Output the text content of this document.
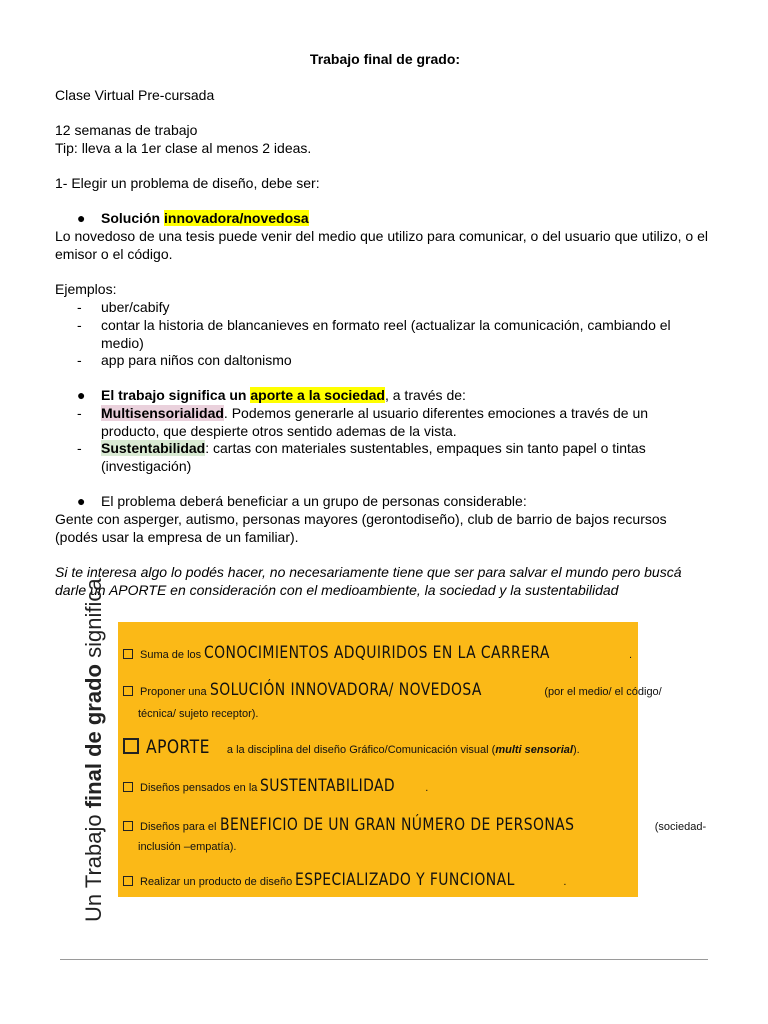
Trabajo final de grado:
Clase Virtual Pre-cursada
12 semanas de trabajo
Tip: lleva a la 1er clase al menos 2 ideas.
1- Elegir un problema de diseño, debe ser:
● Solución innovadora/novedosa
Lo novedoso de una tesis puede venir del medio que utilizo para comunicar, o del usuario que utilizo, o el emisor o el código.
Ejemplos:
- uber/cabify
- contar la historia de blancanieves en formato reel (actualizar la comunicación, cambiando el medio)
- app para niños con daltonismo
● El trabajo significa un aporte a la sociedad, a través de:
- Multisensorialidad. Podemos generarle al usuario diferentes emociones a través de un producto, que despierte otros sentido ademas de la vista.
- Sustentabilidad: cartas con materiales sustentables, empaques sin tanto papel o tintas (investigación)
● El problema deberá beneficiar a un grupo de personas considerable:
Gente con asperger, autismo, personas mayores (gerontodiseño), club de barrio de bajos recursos (podés usar la empresa de un familiar).
Si te interesa algo lo podés hacer, no necesariamente tiene que ser para salvar el mundo pero buscá darle un APORTE en consideración con el medioambiente, la sociedad y la sustentabilidad
Un Trabajo final de grado significa	Suma de los CONOCIMIENTOS ADQUIRIDOS EN LA CARRERA	.
Proponer una SOLUCIÓN INNOVADORA/ NOVEDOSA	(por el medio/ el código/
técnica/ sujeto receptor).
APORTE a la disciplina del diseño Gráfico/Comunicación visual (multi sensorial).
Diseños pensados en la SUSTENTABILIDAD	.
Diseños para el BENEFICIO DE UN GRAN NÚMERO DE PERSONAS	(sociedad-
inclusión –empatía).
Realizar un producto de diseño ESPECIALIZADO Y FUNCIONAL	.
